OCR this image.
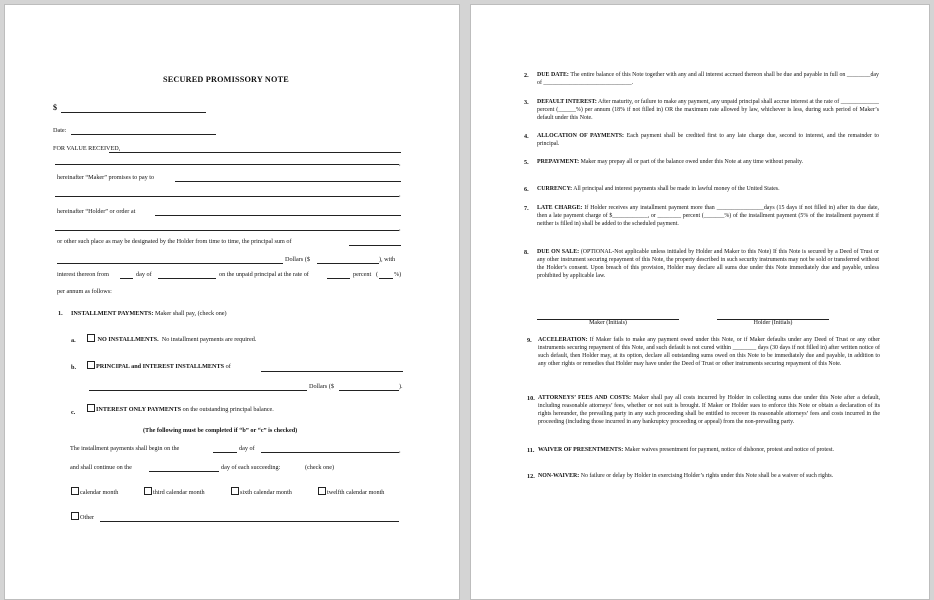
SECURED PROMISSORY NOTE
$
Date:
FOR VALUE RECEIVED,
,
hereinafter “Maker” promises to pay to
,
hereinafter “Holder” or order at
,
or other such place as may be designated by the Holder from time to time, the principal sum of
Dollars ($	), with
interest thereon from	day of	on the unpaid principal at the rate of	percent (	%)
per annum as follows:
1. INSTALLMENT PAYMENTS: Maker shall pay, (check one)
a.	NO INSTALLMENTS. No installment payments are required.
b.	PRINCIPAL and INTEREST INSTALLMENTS of
Dollars ($	).
c.	INTEREST ONLY PAYMENTS on the outstanding principal balance.
(The following must be completed if “b” or “c” is checked)
The installment payments shall begin on the	day of	,
and shall continue on the	day of each succeeding:	(check one)
calendar month	third calendar month	sixth calendar month	twelfth calendar month
Other
2. DUE DATE: The entire balance of this Note together with any and all interest accrued thereon shall be due and payable in full on ________day of ______________________________.
3. DEFAULT INTEREST: After maturity, or failure to make any payment, any unpaid principal shall accrue interest at the rate of _____________ percent (______%) per annum (18% if not filled in) OR the maximum rate allowed by law, whichever is less, during such period of Maker’s default under this Note.
4. ALLOCATION OF PAYMENTS: Each payment shall be credited first to any late charge due, second to interest, and the remainder to principal.
5. PREPAYMENT: Maker may prepay all or part of the balance owed under this Note at any time without penalty.
6. CURRENCY: All principal and interest payments shall be made in lawful money of the United States.
7. LATE CHARGE: If Holder receives any installment payment more than ________________days (15 days if not filled in) after its due date, then a late payment charge of $____________, or ________ percent (_______%) of the installment payment (5% of the installment payment if neither is filled in) shall be added to the scheduled payment.
8. DUE ON SALE: (OPTIONAL-Not applicable unless initialed by Holder and Maker to this Note) If this Note is secured by a Deed of Trust or any other instrument securing repayment of this Note, the property described in such security instruments may not be sold or transferred without the Holder’s consent. Upon breach of this provision, Holder may declare all sums due under this Note immediately due and payable, unless prohibited by applicable law.
Maker (Initials)	Holder (Initials)
9. ACCELERATION: If Maker fails to make any payment owed under this Note, or if Maker defaults under any Deed of Trust or any other instruments securing repayment of this Note, and such default is not cured within ________ days (30 days if not filled in) after written notice of such default, then Holder may, at its option, declare all outstanding sums owed on this Note to be immediately due and payable, in addition to any other rights or remedies that Holder may have under the Deed of Trust or other instruments securing repayment of this Note.
10. ATTORNEYS’ FEES AND COSTS: Maker shall pay all costs incurred by Holder in collecting sums due under this Note after a default, including reasonable attorneys’ fees, whether or not suit is brought. If Maker or Holder sues to enforce this Note or obtain a declaration of its rights hereunder, the prevailing party in any such proceeding shall be entitled to recover its reasonable attorneys’ fees and costs incurred in the proceeding (including those incurred in any bankruptcy proceeding or appeal) from the non-prevailing party.
11. WAIVER OF PRESENTMENTS: Maker waives presentment for payment, notice of dishonor, protest and notice of protest.
12. NON-WAIVER: No failure or delay by Holder in exercising Holder’s rights under this Note shall be a waiver of such rights.
